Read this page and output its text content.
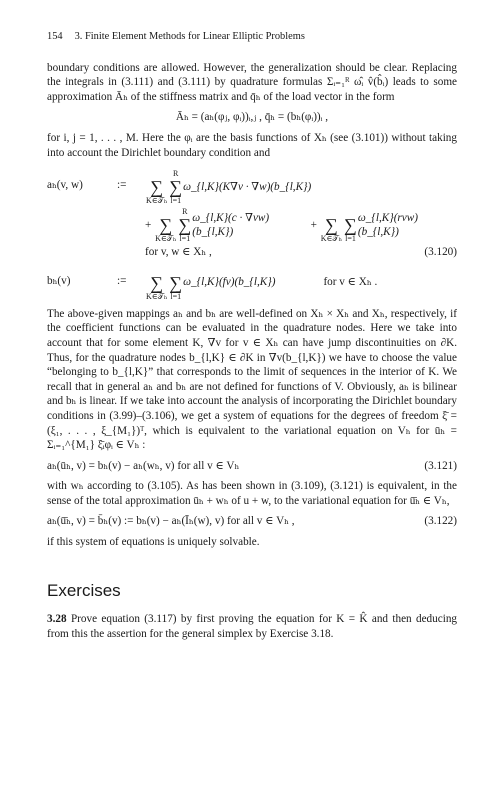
154 3. Finite Element Methods for Linear Elliptic Problems

boundary conditions are allowed. However, the generalization should be clear. Replacing the integrals in (3.111) and (3.111) by quadrature formulas Σᵢ₌₁ᴿ ω̂ᵢ v̂(b̂ᵢ) leads to some approximation Āₕ of the stiffness matrix and q̄ₕ of the load vector in the form

Āₕ = (aₕ(φⱼ, φᵢ))ᵢ,ⱼ , q̄ₕ = (bₕ(φᵢ))ᵢ ,

for i, j = 1, . . . , M. Here the φᵢ are the basis functions of Xₕ (see (3.101)) without taking into account the Dirichlet boundary condition and

aₕ(v, w)	:=
	∑
K∈𝒯ₕ
R
∑
l=1
ω_{l,K}(K∇v · ∇w)(b_{l,K})
+
∑
K∈𝒯ₕ
R
∑
l=1
ω_{l,K}(c · ∇vw)(b_{l,K})
+
∑
K∈𝒯ₕ

∑
l=1
ω_{l,K}(rvw)(b_{l,K})
for v, w ∈ Xₕ ,	(3.120)
bₕ(v)	:=
	∑
K∈𝒯ₕ

∑
l=1
ω_{l,K}(fv)(b_{l,K})	for v ∈ Xₕ .

The above-given mappings aₕ and bₕ are well-defined on Xₕ × Xₕ and Xₕ, respectively, if the coefficient functions can be evaluated in the quadrature nodes. Here we take into account that for some element K, ∇v for v ∈ Xₕ can have jump discontinuities on ∂K. Thus, for the quadrature nodes b_{l,K} ∈ ∂K in ∇v(b_{l,K}) we have to choose the value “belonging to b_{l,K}” that corresponds to the limit of sequences in the interior of K. We recall that in general aₕ and bₕ are not defined for functions of V. Obviously, aₕ is bilinear and bₕ is linear. If we take into account the analysis of incorporating the Dirichlet boundary conditions in (3.99)–(3.106), we get a system of equations for the degrees of freedom ξ̄ = (ξ₁, . . . , ξ_{M₁})ᵀ, which is equivalent to the variational equation on Vₕ for ūₕ = Σᵢ₌₁^{M₁} ξ̄ᵢφᵢ ∈ Vₕ :

aₕ(ūₕ, v) = bₕ(v) − aₕ(wₕ, v) for all v ∈ Vₕ	(3.121)

with wₕ according to (3.105). As has been shown in (3.109), (3.121) is equivalent, in the sense of the total approximation ūₕ + wₕ of u + w, to the variational equation for ū̄ₕ ∈ Vₕ,

aₕ(ū̄ₕ, v) = b̄ₕ(v) := bₕ(v) − aₕ(Īₕ(w), v) for all v ∈ Vₕ ,	(3.122)

if this system of equations is uniquely solvable.

Exercises

3.28 Prove equation (3.117) by first proving the equation for K = K̂ and then deducing from this the assertion for the general simplex by Exercise 3.18.
